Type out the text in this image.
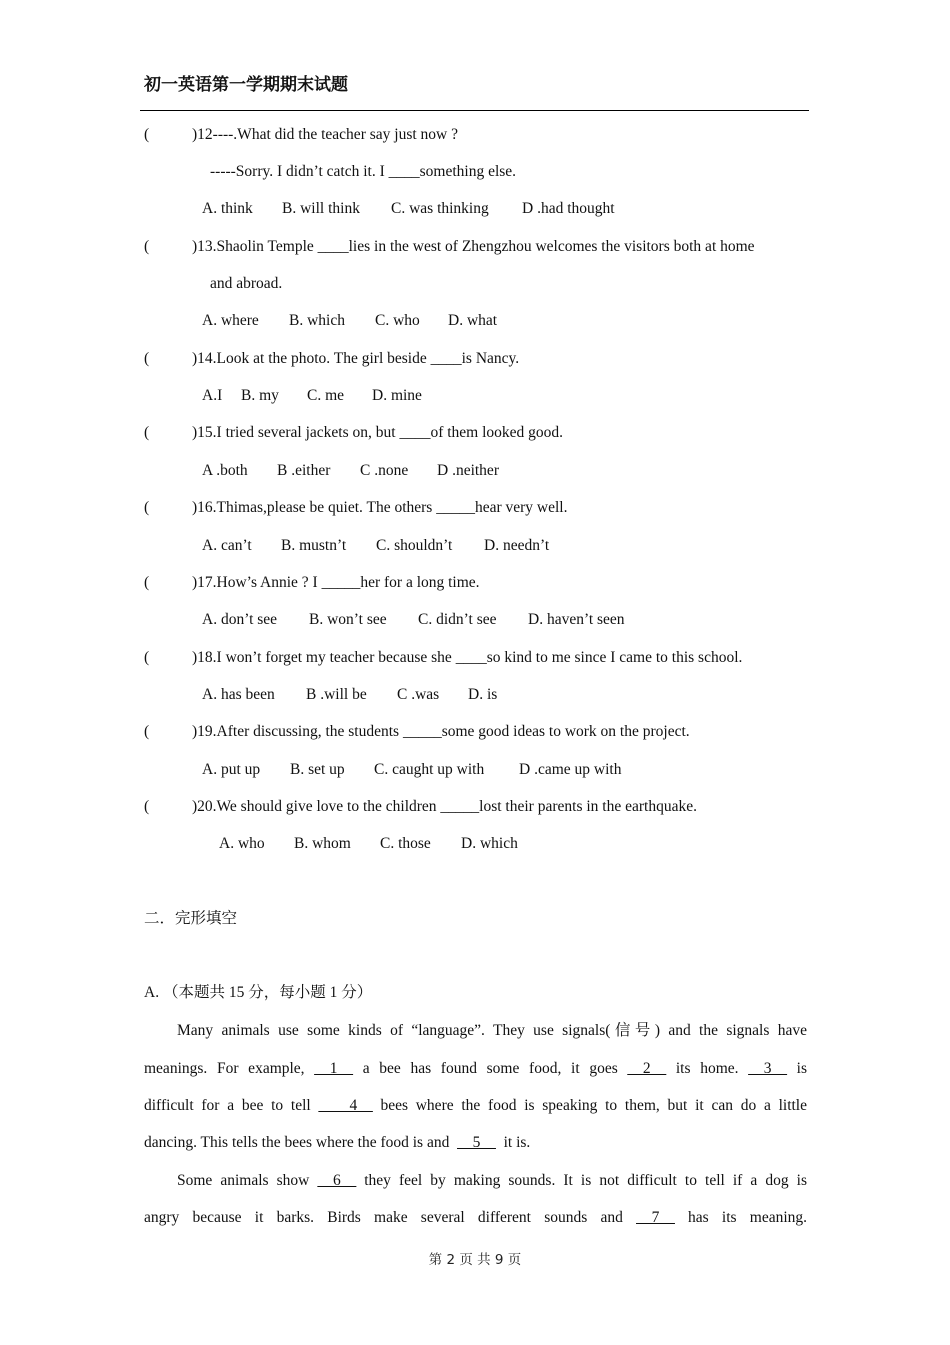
初一英语第一学期期末试题
(	)12----.What did the teacher say just now ?
-----Sorry. I didn’t catch it. I ____something else.
A. think B. will think C. was thinking D .had thought
(	)13.Shaolin Temple ____lies in the west of Zhengzhou welcomes the visitors both at home
and abroad.
A. where B. which C. who D. what
(	)14.Look at the photo. The girl beside ____is Nancy.
A.I B. my C. me D. mine
(	)15.I tried several jackets on, but ____of them looked good.
A .both B .either C .none D .neither
(	)16.Thimas,please be quiet. The others _____hear very well.
A. can’t B. mustn’t C. shouldn’t D. needn’t
(	)17.How’s Annie ? I _____her for a long time.
A. don’t see B. won’t see C. didn’t see D. haven’t seen
(	)18.I won’t forget my teacher because she ____so kind to me since I came to this school.
A. has been B .will be C .was D. is
(	)19.After discussing, the students _____some good ideas to work on the project.
A. put up B. set up C. caught up with D .came up with
(	)20.We should give love to the children _____lost their parents in the earthquake.
A. who B. whom C. those D. which
二．完形填空
A. （本题共 15 分，每小题 1 分）
Many animals use some kinds of “language”. They use signals(信号) and the signals have
meanings. For example, __1__ a bee has found some food, it goes __2__ its home. __3__ is
difficult for a bee to tell ____4__ bees where the food is speaking to them, but it can do a little
dancing. This tells the bees where the food is and __5__ it is.
Some animals show __6__ they feel by making sounds. It is not difficult to tell if a dog is
angry because it barks. Birds make several different sounds and __7__ has its meaning.
第 2 页 共 9 页
